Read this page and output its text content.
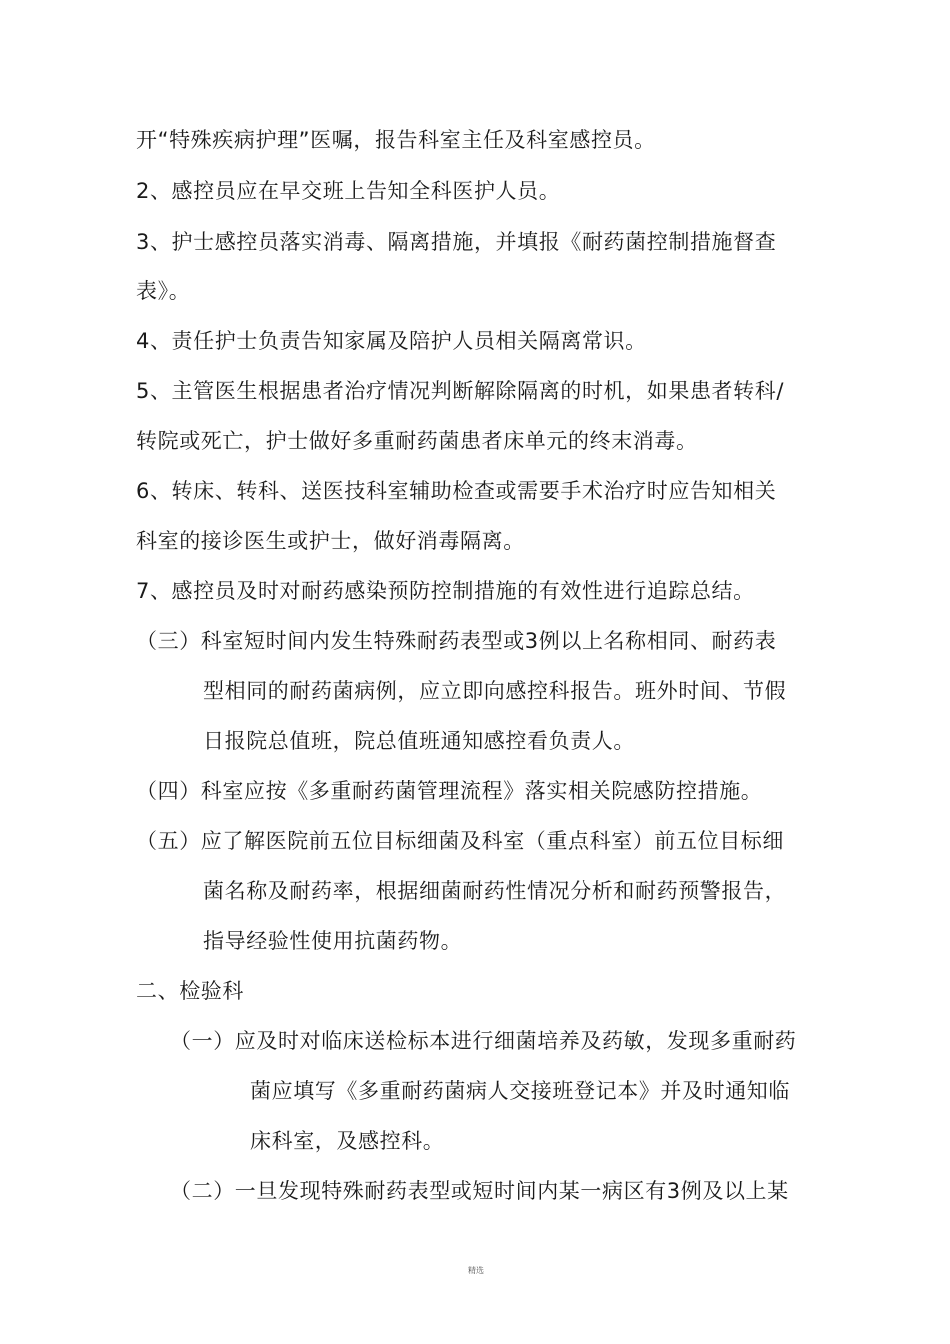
开“特殊疾病护理”医嘱，报告科室主任及科室感控员。
2、感控员应在早交班上告知全科医护人员。
3、护士感控员落实消毒、隔离措施，并填报《耐药菌控制措施督查
表》。
4、责任护士负责告知家属及陪护人员相关隔离常识。
5、主管医生根据患者治疗情况判断解除隔离的时机，如果患者转科/
转院或死亡，护士做好多重耐药菌患者床单元的终末消毒。
6、转床、转科、送医技科室辅助检查或需要手术治疗时应告知相关
科室的接诊医生或护士，做好消毒隔离。
7、感控员及时对耐药感染预防控制措施的有效性进行追踪总结。
（三）科室短时间内发生特殊耐药表型或3例以上名称相同、耐药表
型相同的耐药菌病例，应立即向感控科报告。班外时间、节假
日报院总值班，院总值班通知感控看负责人。
（四）科室应按《多重耐药菌管理流程》落实相关院感防控措施。
（五）应了解医院前五位目标细菌及科室（重点科室）前五位目标细
菌名称及耐药率，根据细菌耐药性情况分析和耐药预警报告，
指导经验性使用抗菌药物。
二、检验科
（一）应及时对临床送检标本进行细菌培养及药敏，发现多重耐药
菌应填写《多重耐药菌病人交接班登记本》并及时通知临
床科室，及感控科。
（二）一旦发现特殊耐药表型或短时间内某一病区有3例及以上某
精选
